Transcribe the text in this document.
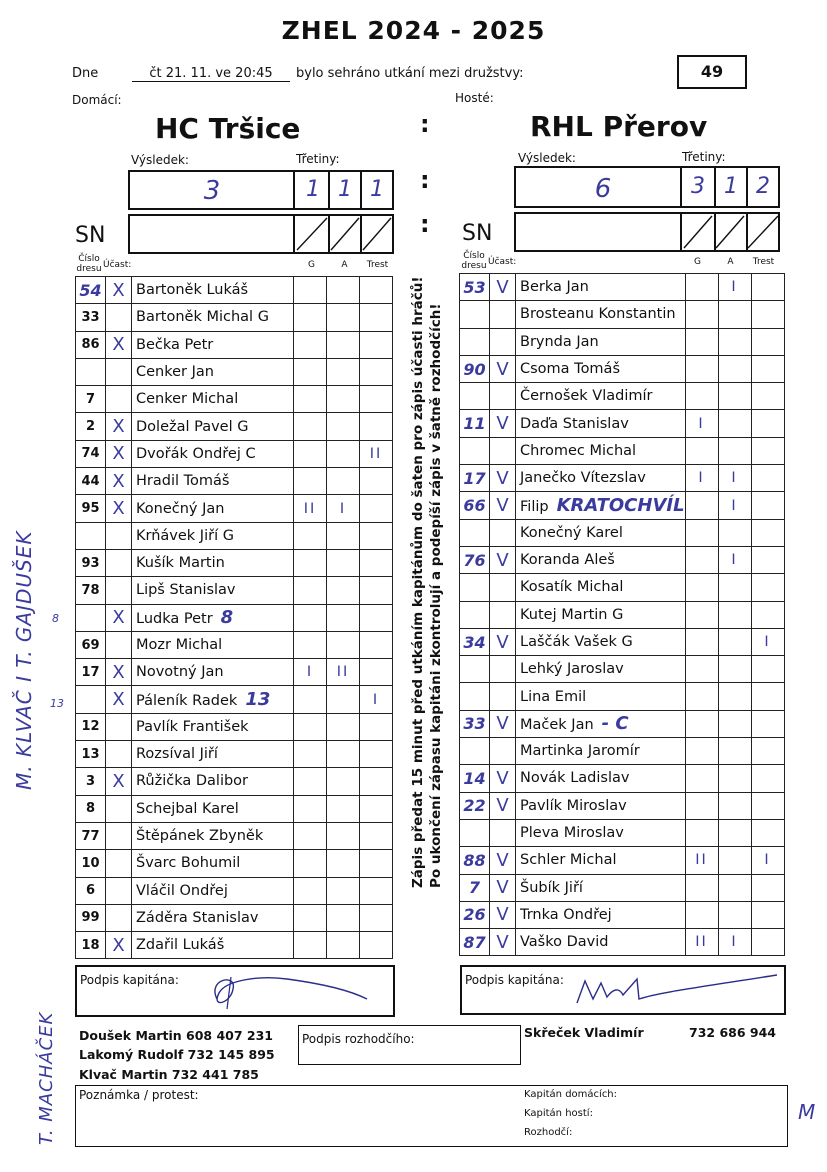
ZHEL 2024 - 2025
49
Dne	čt 21. 11. ve 20:45	bylo sehráno utkání mezi družstvy:
Domácí:	Hosté:
HC Tršice	RHL Přerov
:
:
:
Výsledek:	Třetiny:
3	1 1 1
Výsledek:	Třetiny:
6	3 1 2
SN	SN
Číslo dresu Účast:	G	A	Trest
Číslo dresu Účast:	G	A	Trest
54	X	Bartoněk Lukáš			
33		Bartoněk Michal G			
86	X	Bečka Petr			
		Cenker Jan			
7		Cenker Michal			
2	X	Doležal Pavel G			
74	X	Dvořák Ondřej C			II
44	X	Hradil Tomáš			
95	X	Konečný Jan	II	I	
		Krňávek Jiří G			
93		Kušík Martin			
78		Lipš Stanislav			
	X	Ludka Petr 8			
69		Mozr Michal			
17	X	Novotný Jan	I	II	
	X	Páleník Radek 13			I
12		Pavlík František			
13		Rozsíval Jiří			
3	X	Růžička Dalibor			
8		Schejbal Karel			
77		Štěpánek Zbyněk			
10		Švarc Bohumil			
6		Vláčil Ondřej			
99		Záděra Stanislav			
18	X	Zdařil Lukáš			
53	V	Berka Jan		I	
		Brosteanu Konstantin			
		Brynda Jan			
90	V	Csoma Tomáš			
		Černošek Vladimír			
11	V	Daďa Stanislav	I		
		Chromec Michal			
17	V	Janečko Vítezslav	I	I	
66	V	Filip KRATOCHVÍL		I	
		Konečný Karel			
76	V	Koranda Aleš		I	
		Kosatík Michal			
		Kutej Martin G			
34	V	Laščák Vašek G			I
		Lehký Jaroslav			
		Lina Emil			
33	V	Maček Jan - C			
		Martinka Jaromír			
14	V	Novák Ladislav			
22	V	Pavlík Miroslav			
		Pleva Miroslav			
88	V	Schler Michal	II		I
7	V	Šubík Jiří			
26	V	Trnka Ondřej			
87	V	Vaško David	II	I	
Zápis předat 15 minut před utkáním kapitánům do šaten pro zápis účasti hráčů! Po ukončení zápasu kapitáni zkontrolují a podepíší zápis v šatně rozhodčích!
M. KLVAČ I T. GAJDUŠEK
T. MACHÁČEK
8
13
Podpis kapitána:	Podpis kapitána:
Doušek Martin 608 407 231
Lakomý Rudolf 732 145 895
Klvač Martin 732 441 785
Podpis rozhodčího:	Skřeček Vladimír	732 686 944
Poznámka / protest:	Kapitán domácích:
Kapitán hostí:
Rozhodčí:
M
